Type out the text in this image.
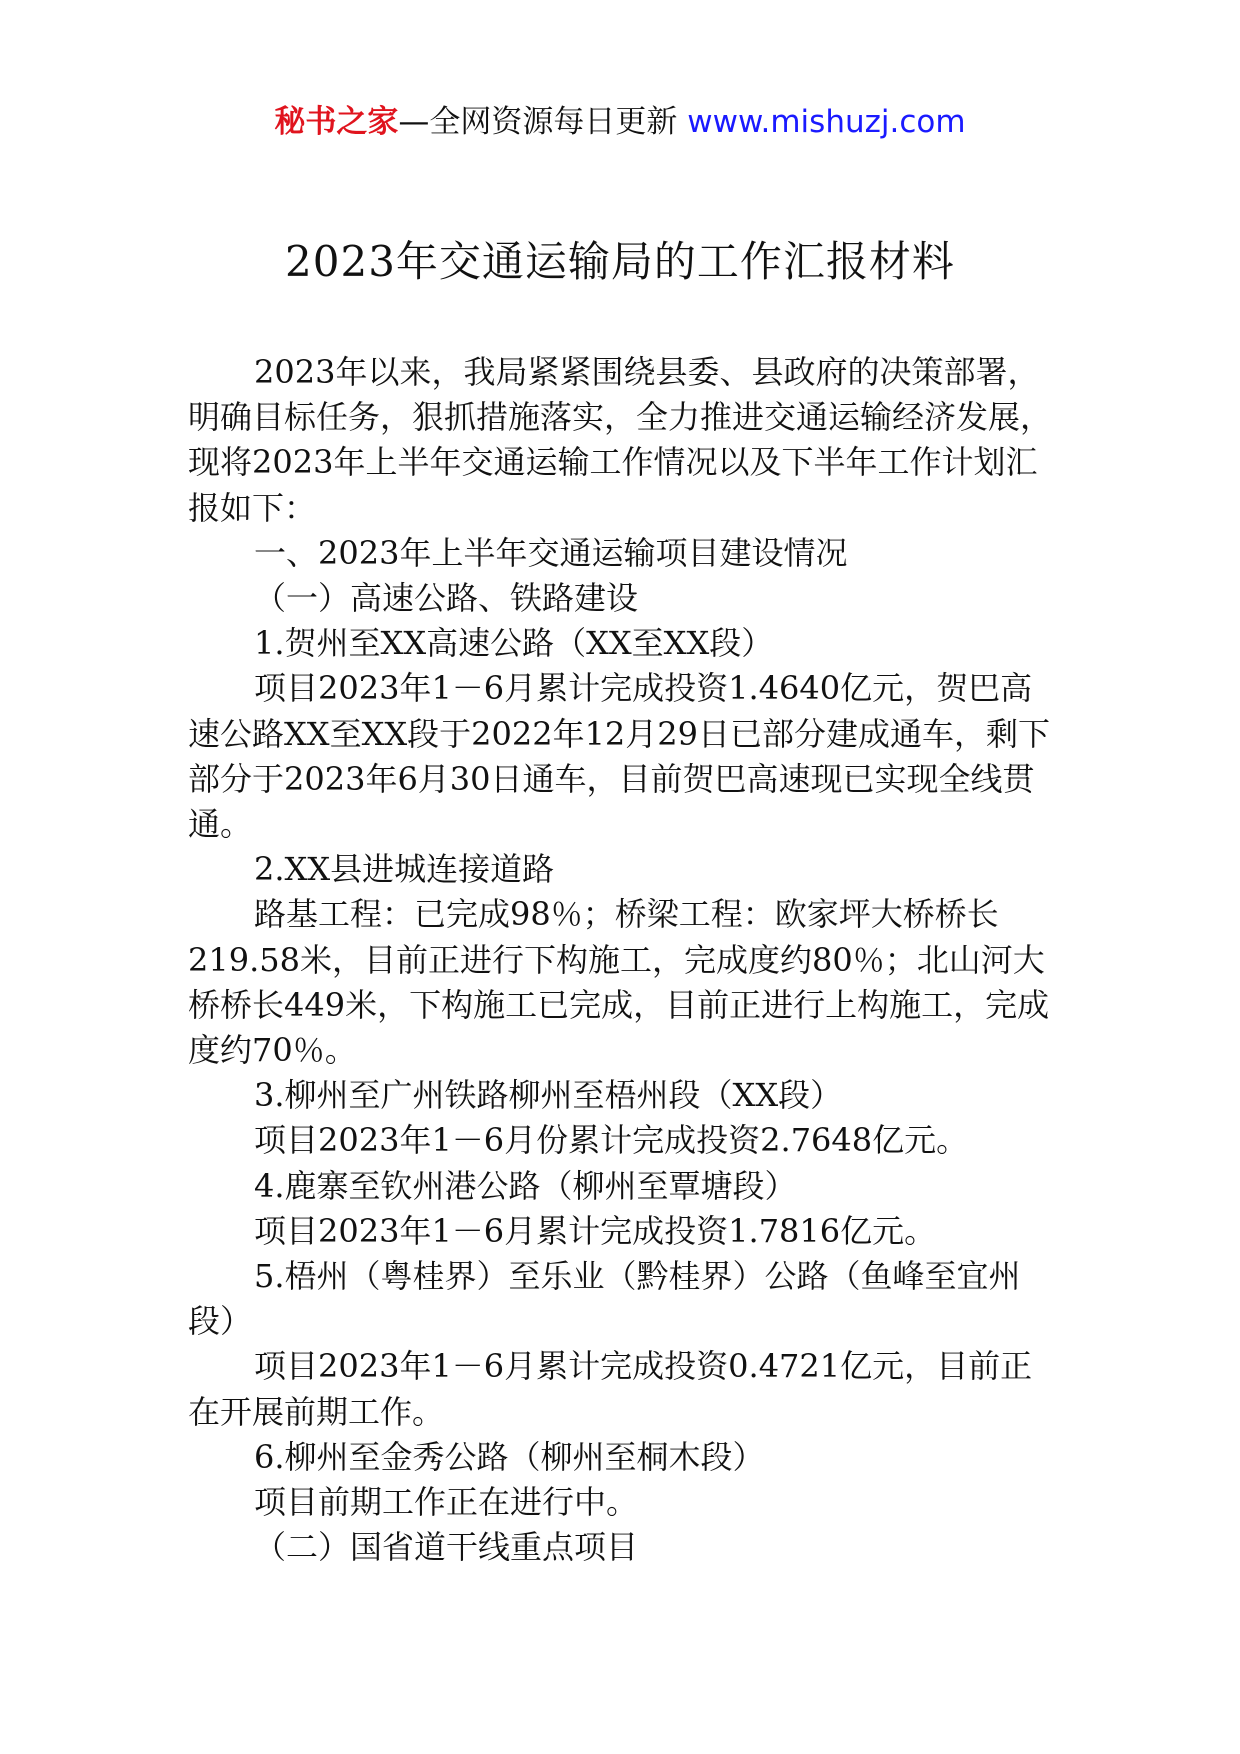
秘书之家—全网资源每日更新 www.mishuzj.com
2023年交通运输局的工作汇报材料

2023年以来，我局紧紧围绕县委、县政府的决策部署，明确目标任务，狠抓措施落实，全力推进交通运输经济发展，现将2023年上半年交通运输工作情况以及下半年工作计划汇报如下：

一、2023年上半年交通运输项目建设情况

（一）高速公路、铁路建设

1.贺州至XX高速公路（XX至XX段）

项目2023年1－6月累计完成投资1.4640亿元，贺巴高速公路XX至XX段于2022年12月29日已部分建成通车，剩下部分于2023年6月30日通车，目前贺巴高速现已实现全线贯通。

2.XX县进城连接道路

路基工程：已完成98％；桥梁工程：欧家坪大桥桥长219.58米，目前正进行下构施工，完成度约80％；北山河大桥桥长449米，下构施工已完成，目前正进行上构施工，完成度约70％。

3.柳州至广州铁路柳州至梧州段（XX段）

项目2023年1－6月份累计完成投资2.7648亿元。

4.鹿寨至钦州港公路（柳州至覃塘段）

项目2023年1－6月累计完成投资1.7816亿元。

5.梧州（粤桂界）至乐业（黔桂界）公路（鱼峰至宜州段）

项目2023年1－6月累计完成投资0.4721亿元，目前正在开展前期工作。

6.柳州至金秀公路（柳州至桐木段）

项目前期工作正在进行中。

（二）国省道干线重点项目
